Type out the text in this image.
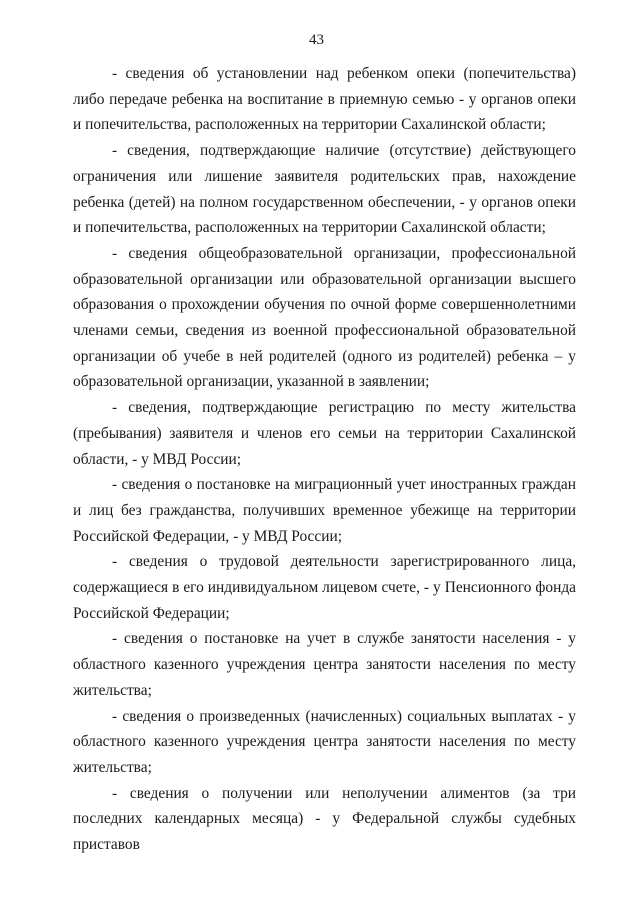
43

- сведения об установлении над ребенком опеки (попечительства) либо передаче ребенка на воспитание в приемную семью - у органов опеки и попечительства, расположенных на территории Сахалинской области;

- сведения, подтверждающие наличие (отсутствие) действующего ограничения или лишение заявителя родительских прав, нахождение ребенка (детей) на полном государственном обеспечении, - у органов опеки и попечительства, расположенных на территории Сахалинской области;

- сведения общеобразовательной организации, профессиональной образовательной организации или образовательной организации высшего образования о прохождении обучения по очной форме совершеннолетними членами семьи, сведения из военной профессиональной образовательной организации об учебе в ней родителей (одного из родителей) ребенка – у образовательной организации, указанной в заявлении;

- сведения, подтверждающие регистрацию по месту жительства (пребывания) заявителя и членов его семьи на территории Сахалинской области, - у МВД России;

- сведения о постановке на миграционный учет иностранных граждан и лиц без гражданства, получивших временное убежище на территории Российской Федерации, - у МВД России;

- сведения о трудовой деятельности зарегистрированного лица, содержащиеся в его индивидуальном лицевом счете, - у Пенсионного фонда Российской Федерации;

- сведения о постановке на учет в службе занятости населения - у областного казенного учреждения центра занятости населения по месту жительства;

- сведения о произведенных (начисленных) социальных выплатах - у областного казенного учреждения центра занятости населения по месту жительства;

- сведения о получении или неполучении алиментов (за три последних календарных месяца) - у Федеральной службы судебных приставов
